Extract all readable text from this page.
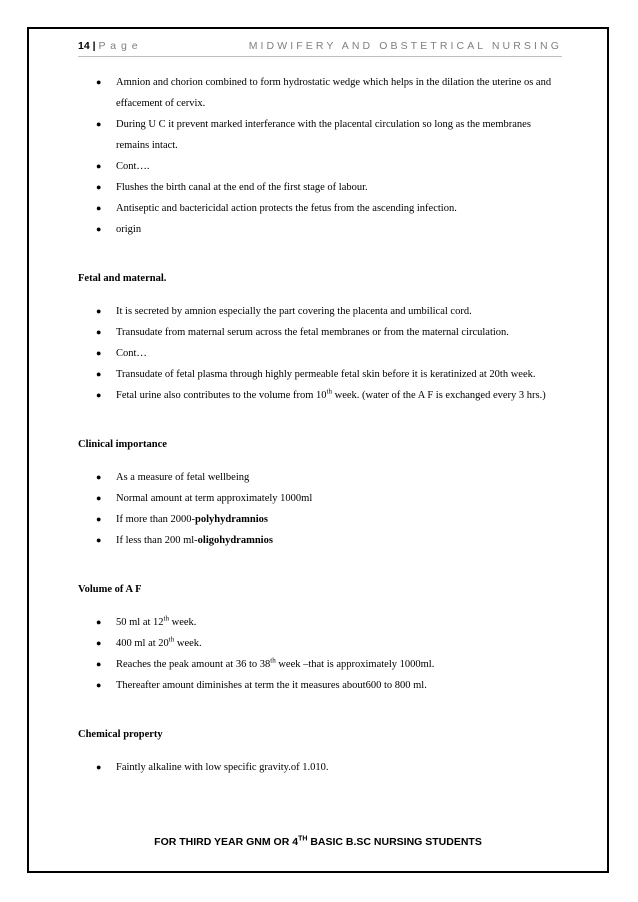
14 | P a g e	MIDWIFERY AND OBSTETRICAL NURSING
● Amnion and chorion combined to form hydrostatic wedge which helps in the dilation the uterine os and effacement of cervix.
● During U C it prevent marked interferance with the placental circulation so long as the membranes remains intact.
● Cont….
● Flushes the birth canal at the end of the first stage of labour.
● Antiseptic and bactericidal action protects the fetus from the ascending infection.
● origin

Fetal and maternal.

● It is secreted by amnion especially the part covering the placenta and umbilical cord.
● Transudate from maternal serum across the fetal membranes or from the maternal circulation.
● Cont…
● Transudate of fetal plasma through highly permeable fetal skin before it is keratinized at 20th week.
● Fetal urine also contributes to the volume from 10th week. (water of the A F is exchanged every 3 hrs.)

Clinical importance

● As a measure of fetal wellbeing
● Normal amount at term approximately 1000ml
● If more than 2000-polyhydramnios
● If less than 200 ml-oligohydramnios

Volume of A F

● 50 ml at 12th week.
● 400 ml at 20th week.
● Reaches the peak amount at 36 to 38th week –that is approximately 1000ml.
● Thereafter amount diminishes at term the it measures about600 to 800 ml.

Chemical property

● Faintly alkaline with low specific gravity.of 1.010.
FOR THIRD YEAR GNM OR 4TH BASIC B.SC NURSING STUDENTS
